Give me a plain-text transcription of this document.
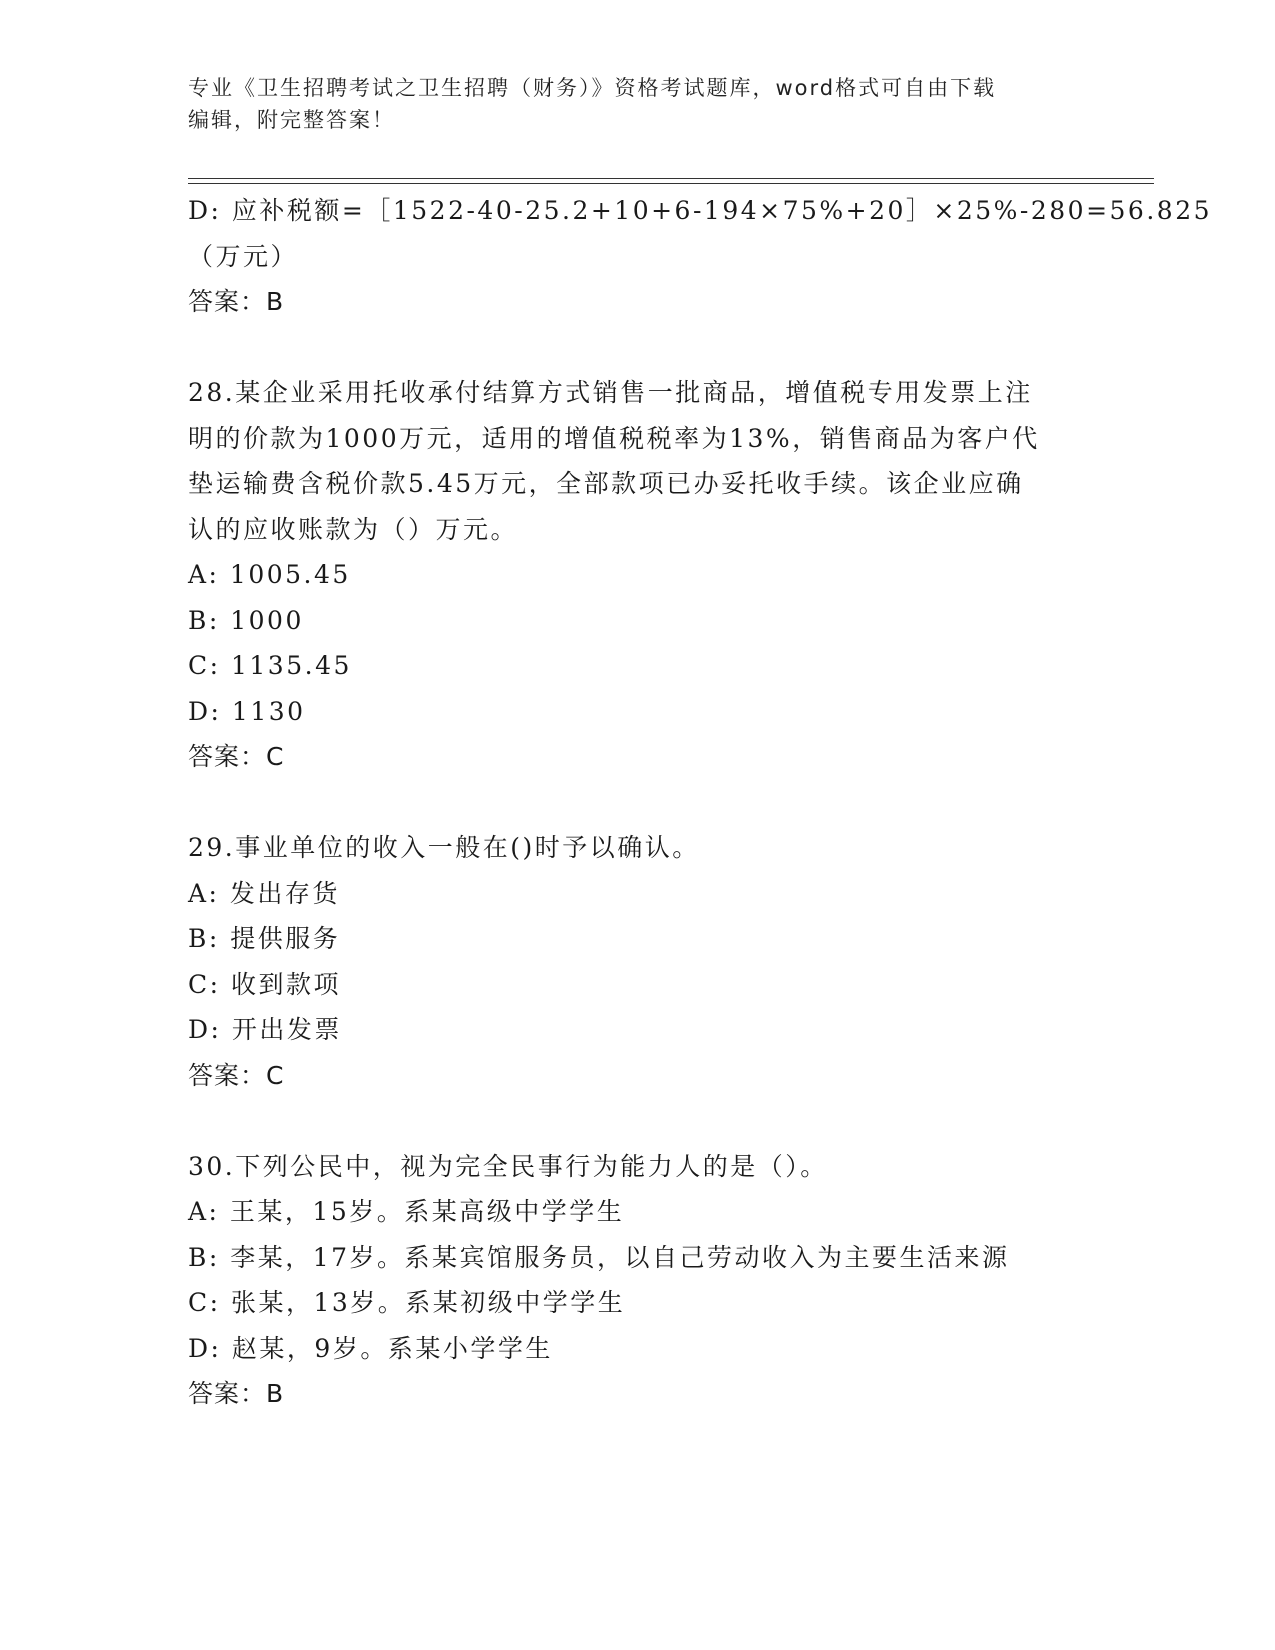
专业《卫生招聘考试之卫生招聘（财务）》资格考试题库，word格式可自由下载
编辑，附完整答案！
D: 应补税额=［1522-40-25.2+10+6-194×75%+20］×25%-280=56.825
（万元）
答案：B
28.某企业采用托收承付结算方式销售一批商品，增值税专用发票上注
明的价款为1000万元，适用的增值税税率为13%，销售商品为客户代
垫运输费含税价款5.45万元，全部款项已办妥托收手续。该企业应确
认的应收账款为（）万元。
A: 1005.45
B: 1000
C: 1135.45
D: 1130
答案：C
29.事业单位的收入一般在()时予以确认。
A: 发出存货
B: 提供服务
C: 收到款项
D: 开出发票
答案：C
30.下列公民中，视为完全民事行为能力人的是（）。
A: 王某，15岁。系某高级中学学生
B: 李某，17岁。系某宾馆服务员，以自己劳动收入为主要生活来源
C: 张某，13岁。系某初级中学学生
D: 赵某，9岁。系某小学学生
答案：B
